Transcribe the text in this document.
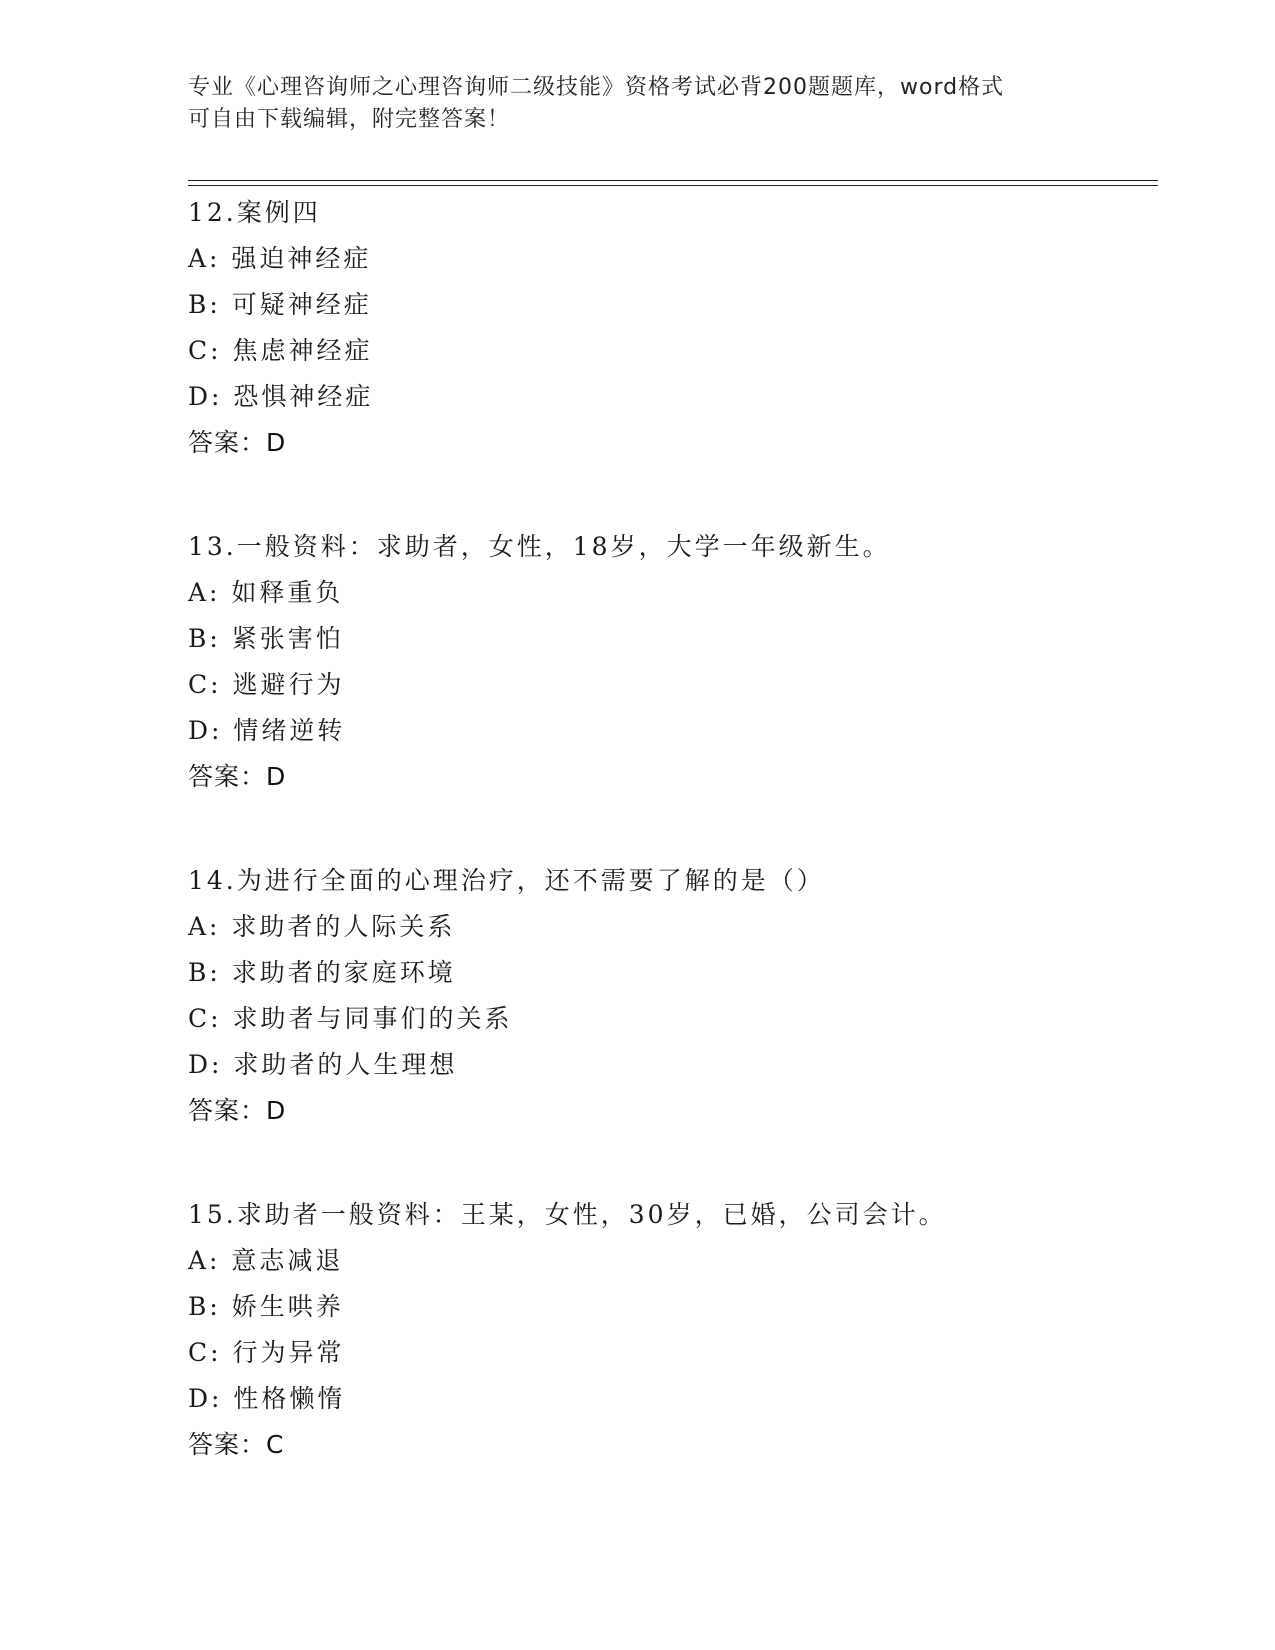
专业《心理咨询师之心理咨询师二级技能》资格考试必背200题题库，word格式
可自由下载编辑，附完整答案！
12.案例四
A: 强迫神经症
B: 可疑神经症
C: 焦虑神经症
D: 恐惧神经症
答案：D
13.一般资料：求助者，女性，18岁，大学一年级新生。
A: 如释重负
B: 紧张害怕
C: 逃避行为
D: 情绪逆转
答案：D
14.为进行全面的心理治疗，还不需要了解的是（）
A: 求助者的人际关系
B: 求助者的家庭环境
C: 求助者与同事们的关系
D: 求助者的人生理想
答案：D
15.求助者一般资料：王某，女性，30岁，已婚，公司会计。
A: 意志减退
B: 娇生哄养
C: 行为异常
D: 性格懒惰
答案：C
